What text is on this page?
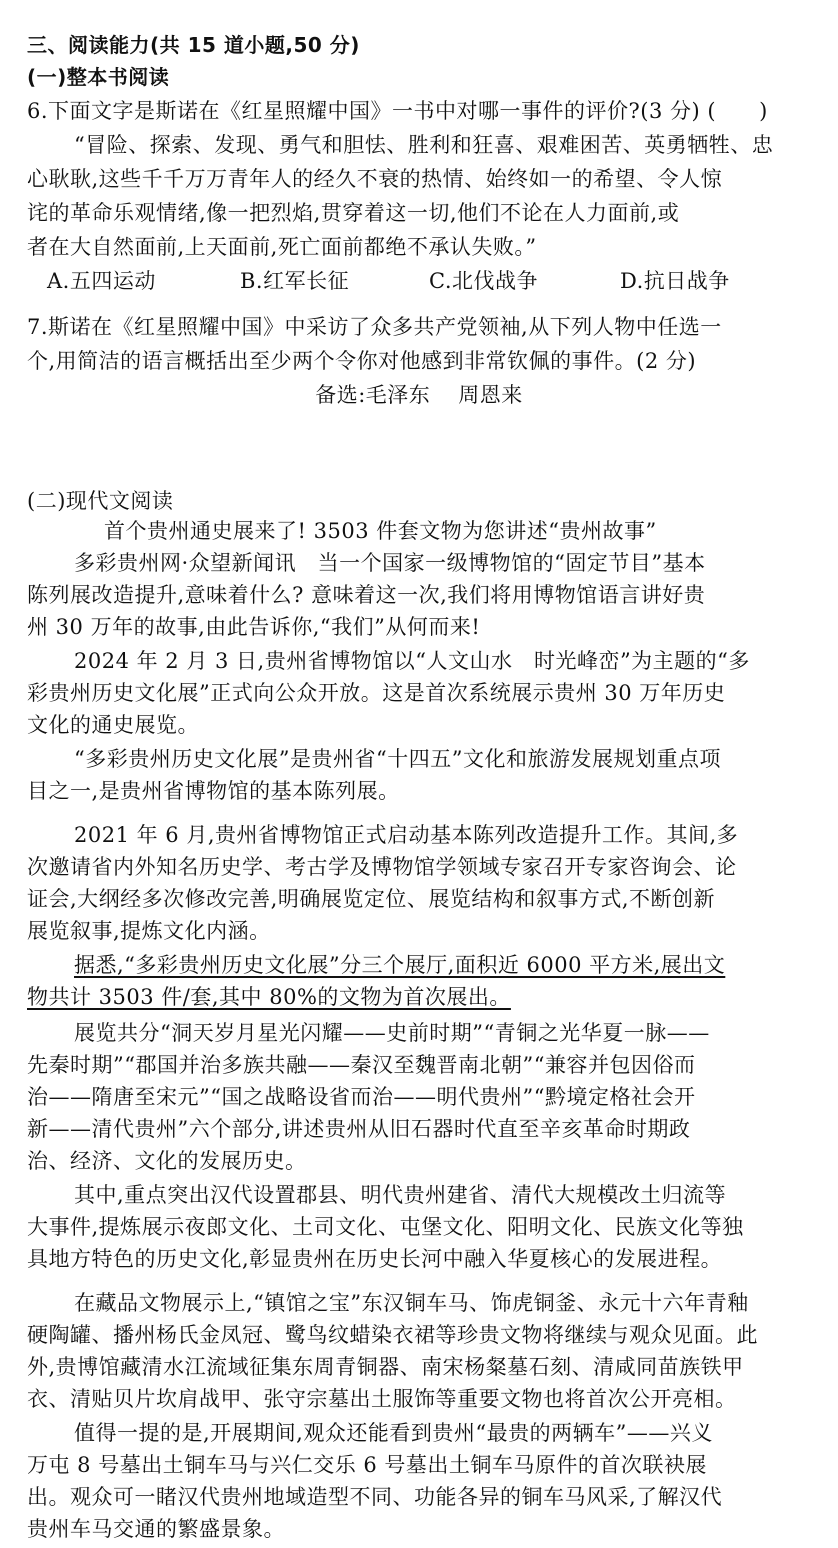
三、阅读能力(共 15 道小题,50 分)
(一)整本书阅读
6.下面文字是斯诺在《红星照耀中国》一书中对哪一事件的评价?(3 分) (　　)
“冒险、探索、发现、勇气和胆怯、胜利和狂喜、艰难困苦、英勇牺牲、忠
心耿耿,这些千千万万青年人的经久不衰的热情、始终如一的希望、令人惊
诧的革命乐观情绪,像一把烈焰,贯穿着这一切,他们不论在人力面前,或
者在大自然面前,上天面前,死亡面前都绝不承认失败。”
A.五四运动	B.红军长征	C.北伐战争	D.抗日战争
7.斯诺在《红星照耀中国》中采访了众多共产党领袖,从下列人物中任选一
个,用简洁的语言概括出至少两个令你对他感到非常钦佩的事件。(2 分)
备选:毛泽东 周恩来
(二)现代文阅读
首个贵州通史展来了! 3503 件套文物为您讲述“贵州故事”
多彩贵州网·众望新闻讯　当一个国家一级博物馆的“固定节目”基本
陈列展改造提升,意味着什么? 意味着这一次,我们将用博物馆语言讲好贵
州 30 万年的故事,由此告诉你,“我们”从何而来!
2024 年 2 月 3 日,贵州省博物馆以“人文山水　时光峰峦”为主题的“多
彩贵州历史文化展”正式向公众开放。这是首次系统展示贵州 30 万年历史
文化的通史展览。
“多彩贵州历史文化展”是贵州省“十四五”文化和旅游发展规划重点项
目之一,是贵州省博物馆的基本陈列展。
2021 年 6 月,贵州省博物馆正式启动基本陈列改造提升工作。其间,多
次邀请省内外知名历史学、考古学及博物馆学领域专家召开专家咨询会、论
证会,大纲经多次修改完善,明确展览定位、展览结构和叙事方式,不断创新
展览叙事,提炼文化内涵。
据悉,“多彩贵州历史文化展”分三个展厅,面积近 6000 平方米,展出文
物共计 3503 件/套,其中 80%的文物为首次展出。
展览共分“洞天岁月星光闪耀——史前时期”“青铜之光华夏一脉——
先秦时期”“郡国并治多族共融——秦汉至魏晋南北朝”“兼容并包因俗而
治——隋唐至宋元”“国之战略设省而治——明代贵州”“黔境定格社会开
新——清代贵州”六个部分,讲述贵州从旧石器时代直至辛亥革命时期政
治、经济、文化的发展历史。
其中,重点突出汉代设置郡县、明代贵州建省、清代大规模改土归流等
大事件,提炼展示夜郎文化、土司文化、屯堡文化、阳明文化、民族文化等独
具地方特色的历史文化,彰显贵州在历史长河中融入华夏核心的发展进程。
在藏品文物展示上,“镇馆之宝”东汉铜车马、饰虎铜釜、永元十六年青釉
硬陶罐、播州杨氏金凤冠、鹭鸟纹蜡染衣裙等珍贵文物将继续与观众见面。此
外,贵博馆藏清水江流域征集东周青铜器、南宋杨粲墓石刻、清咸同苗族铁甲
衣、清贴贝片坎肩战甲、张守宗墓出土服饰等重要文物也将首次公开亮相。
值得一提的是,开展期间,观众还能看到贵州“最贵的两辆车”——兴义
万屯 8 号墓出土铜车马与兴仁交乐 6 号墓出土铜车马原件的首次联袂展
出。观众可一睹汉代贵州地域造型不同、功能各异的铜车马风采,了解汉代
贵州车马交通的繁盛景象。
